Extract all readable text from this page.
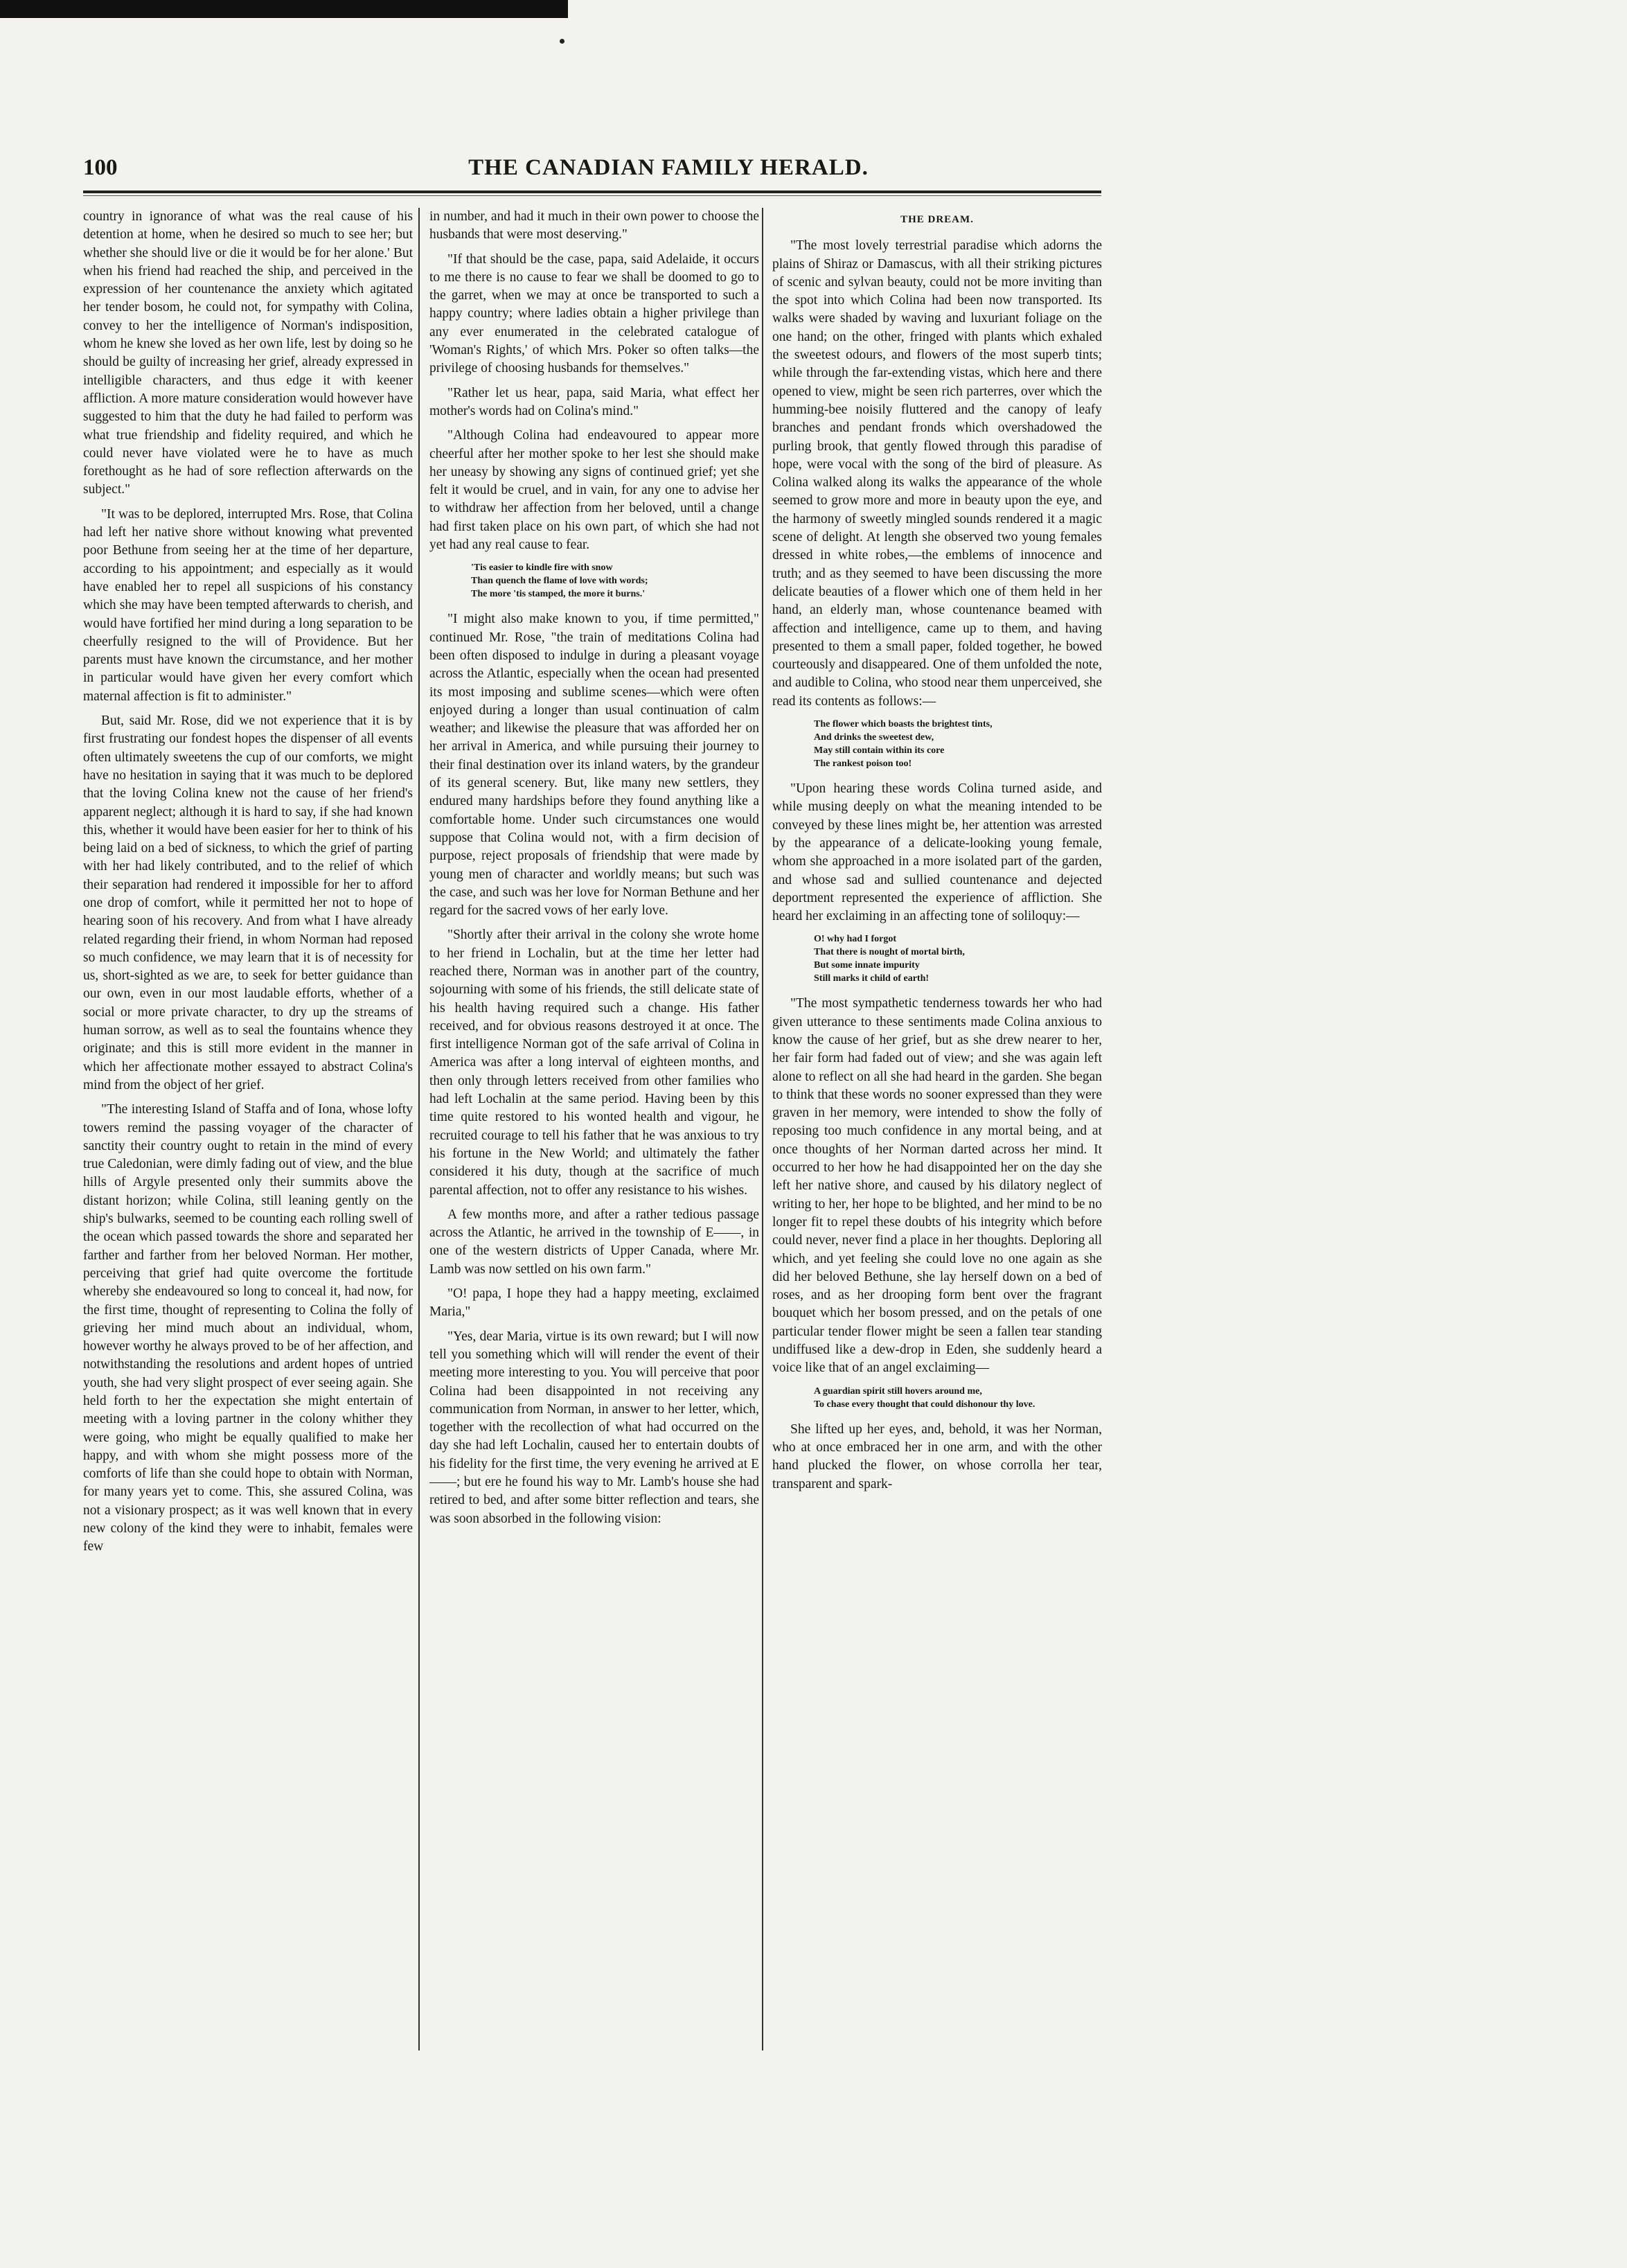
100	THE CANADIAN FAMILY HERALD.

country in ignorance of what was the real cause of his detention at home, when he desired so much to see her; but whether she should live or die it would be for her alone.' But when his friend had reached the ship, and perceived in the expression of her countenance the anxiety which agitated her tender bosom, he could not, for sympathy with Colina, convey to her the intelligence of Norman's indisposition, whom he knew she loved as her own life, lest by doing so he should be guilty of increasing her grief, already expressed in intelligible characters, and thus edge it with keener affliction. A more mature consideration would however have suggested to him that the duty he had failed to perform was what true friendship and fidelity required, and which he could never have violated were he to have as much forethought as he had of sore reflection afterwards on the subject."

"It was to be deplored, interrupted Mrs. Rose, that Colina had left her native shore without knowing what prevented poor Bethune from seeing her at the time of her departure, according to his appointment; and especially as it would have enabled her to repel all suspicions of his constancy which she may have been tempted afterwards to cherish, and would have fortified her mind during a long separation to be cheerfully resigned to the will of Providence. But her parents must have known the circumstance, and her mother in particular would have given her every comfort which maternal affection is fit to administer."

But, said Mr. Rose, did we not experience that it is by first frustrating our fondest hopes the dispenser of all events often ultimately sweetens the cup of our comforts, we might have no hesitation in saying that it was much to be deplored that the loving Colina knew not the cause of her friend's apparent neglect; although it is hard to say, if she had known this, whether it would have been easier for her to think of his being laid on a bed of sickness, to which the grief of parting with her had likely contributed, and to the relief of which their separation had rendered it impossible for her to afford one drop of comfort, while it permitted her not to hope of hearing soon of his recovery. And from what I have already related regarding their friend, in whom Norman had reposed so much confidence, we may learn that it is of necessity for us, short-sighted as we are, to seek for better guidance than our own, even in our most laudable efforts, whether of a social or more private character, to dry up the streams of human sorrow, as well as to seal the fountains whence they originate; and this is still more evident in the manner in which her affectionate mother essayed to abstract Colina's mind from the object of her grief.

"The interesting Island of Staffa and of Iona, whose lofty towers remind the passing voyager of the character of sanctity their country ought to retain in the mind of every true Caledonian, were dimly fading out of view, and the blue hills of Argyle presented only their summits above the distant horizon; while Colina, still leaning gently on the ship's bulwarks, seemed to be counting each rolling swell of the ocean which passed towards the shore and separated her farther and farther from her beloved Norman. Her mother, perceiving that grief had quite overcome the fortitude whereby she endeavoured so long to conceal it, had now, for the first time, thought of representing to Colina the folly of grieving her mind much about an individual, whom, however worthy he always proved to be of her affection, and notwithstanding the resolutions and ardent hopes of untried youth, she had very slight prospect of ever seeing again. She held forth to her the expectation she might entertain of meeting with a loving partner in the colony whither they were going, who might be equally qualified to make her happy, and with whom she might possess more of the comforts of life than she could hope to obtain with Norman, for many years yet to come. This, she assured Colina, was not a visionary prospect; as it was well known that in every new colony of the kind they were to inhabit, females were few

in number, and had it much in their own power to choose the husbands that were most deserving."

"If that should be the case, papa, said Adelaide, it occurs to me there is no cause to fear we shall be doomed to go to the garret, when we may at once be transported to such a happy country; where ladies obtain a higher privilege than any ever enumerated in the celebrated catalogue of 'Woman's Rights,' of which Mrs. Poker so often talks—the privilege of choosing husbands for themselves."

"Rather let us hear, papa, said Maria, what effect her mother's words had on Colina's mind."

"Although Colina had endeavoured to appear more cheerful after her mother spoke to her lest she should make her uneasy by showing any signs of continued grief; yet she felt it would be cruel, and in vain, for any one to advise her to withdraw her affection from her beloved, until a change had first taken place on his own part, of which she had not yet had any real cause to fear.

'Tis easier to kindle fire with snow
Than quench the flame of love with words;
The more 'tis stamped, the more it burns.'

"I might also make known to you, if time permitted," continued Mr. Rose, "the train of meditations Colina had been often disposed to indulge in during a pleasant voyage across the Atlantic, especially when the ocean had presented its most imposing and sublime scenes—which were often enjoyed during a longer than usual continuation of calm weather; and likewise the pleasure that was afforded her on her arrival in America, and while pursuing their journey to their final destination over its inland waters, by the grandeur of its general scenery. But, like many new settlers, they endured many hardships before they found anything like a comfortable home. Under such circumstances one would suppose that Colina would not, with a firm decision of purpose, reject proposals of friendship that were made by young men of character and worldly means; but such was the case, and such was her love for Norman Bethune and her regard for the sacred vows of her early love.

"Shortly after their arrival in the colony she wrote home to her friend in Lochalin, but at the time her letter had reached there, Norman was in another part of the country, sojourning with some of his friends, the still delicate state of his health having required such a change. His father received, and for obvious reasons destroyed it at once. The first intelligence Norman got of the safe arrival of Colina in America was after a long interval of eighteen months, and then only through letters received from other families who had left Lochalin at the same period. Having been by this time quite restored to his wonted health and vigour, he recruited courage to tell his father that he was anxious to try his fortune in the New World; and ultimately the father considered it his duty, though at the sacrifice of much parental affection, not to offer any resistance to his wishes.

A few months more, and after a rather tedious passage across the Atlantic, he arrived in the township of E——, in one of the western districts of Upper Canada, where Mr. Lamb was now settled on his own farm."

"O! papa, I hope they had a happy meeting, exclaimed Maria,"

"Yes, dear Maria, virtue is its own reward; but I will now tell you something which will will render the event of their meeting more interesting to you. You will perceive that poor Colina had been disappointed in not receiving any communication from Norman, in answer to her letter, which, together with the recollection of what had occurred on the day she had left Lochalin, caused her to entertain doubts of his fidelity for the first time, the very evening he arrived at E——; but ere he found his way to Mr. Lamb's house she had retired to bed, and after some bitter reflection and tears, she was soon absorbed in the following vision:

THE DREAM.

"The most lovely terrestrial paradise which adorns the plains of Shiraz or Damascus, with all their striking pictures of scenic and sylvan beauty, could not be more inviting than the spot into which Colina had been now transported. Its walks were shaded by waving and luxuriant foliage on the one hand; on the other, fringed with plants which exhaled the sweetest odours, and flowers of the most superb tints; while through the far-extending vistas, which here and there opened to view, might be seen rich parterres, over which the humming-bee noisily fluttered and the canopy of leafy branches and pendant fronds which overshadowed the purling brook, that gently flowed through this paradise of hope, were vocal with the song of the bird of pleasure. As Colina walked along its walks the appearance of the whole seemed to grow more and more in beauty upon the eye, and the harmony of sweetly mingled sounds rendered it a magic scene of delight. At length she observed two young females dressed in white robes,—the emblems of innocence and truth; and as they seemed to have been discussing the more delicate beauties of a flower which one of them held in her hand, an elderly man, whose countenance beamed with affection and intelligence, came up to them, and having presented to them a small paper, folded together, he bowed courteously and disappeared. One of them unfolded the note, and audible to Colina, who stood near them unperceived, she read its contents as follows:—

The flower which boasts the brightest tints,
And drinks the sweetest dew,
May still contain within its core
The rankest poison too!

"Upon hearing these words Colina turned aside, and while musing deeply on what the meaning intended to be conveyed by these lines might be, her attention was arrested by the appearance of a delicate-looking young female, whom she approached in a more isolated part of the garden, and whose sad and sullied countenance and dejected deportment represented the experience of affliction. She heard her exclaiming in an affecting tone of soliloquy:—

O! why had I forgot
That there is nought of mortal birth,
But some innate impurity
Still marks it child of earth!

"The most sympathetic tenderness towards her who had given utterance to these sentiments made Colina anxious to know the cause of her grief, but as she drew nearer to her, her fair form had faded out of view; and she was again left alone to reflect on all she had heard in the garden. She began to think that these words no sooner expressed than they were graven in her memory, were intended to show the folly of reposing too much confidence in any mortal being, and at once thoughts of her Norman darted across her mind. It occurred to her how he had disappointed her on the day she left her native shore, and caused by his dilatory neglect of writing to her, her hope to be blighted, and her mind to be no longer fit to repel these doubts of his integrity which before could never, never find a place in her thoughts. Deploring all which, and yet feeling she could love no one again as she did her beloved Bethune, she lay herself down on a bed of roses, and as her drooping form bent over the fragrant bouquet which her bosom pressed, and on the petals of one particular tender flower might be seen a fallen tear standing undiffused like a dew-drop in Eden, she suddenly heard a voice like that of an angel exclaiming—

A guardian spirit still hovers around me,
To chase every thought that could dishonour thy love.

She lifted up her eyes, and, behold, it was her Norman, who at once embraced her in one arm, and with the other hand plucked the flower, on whose corrolla her tear, transparent and spark-
